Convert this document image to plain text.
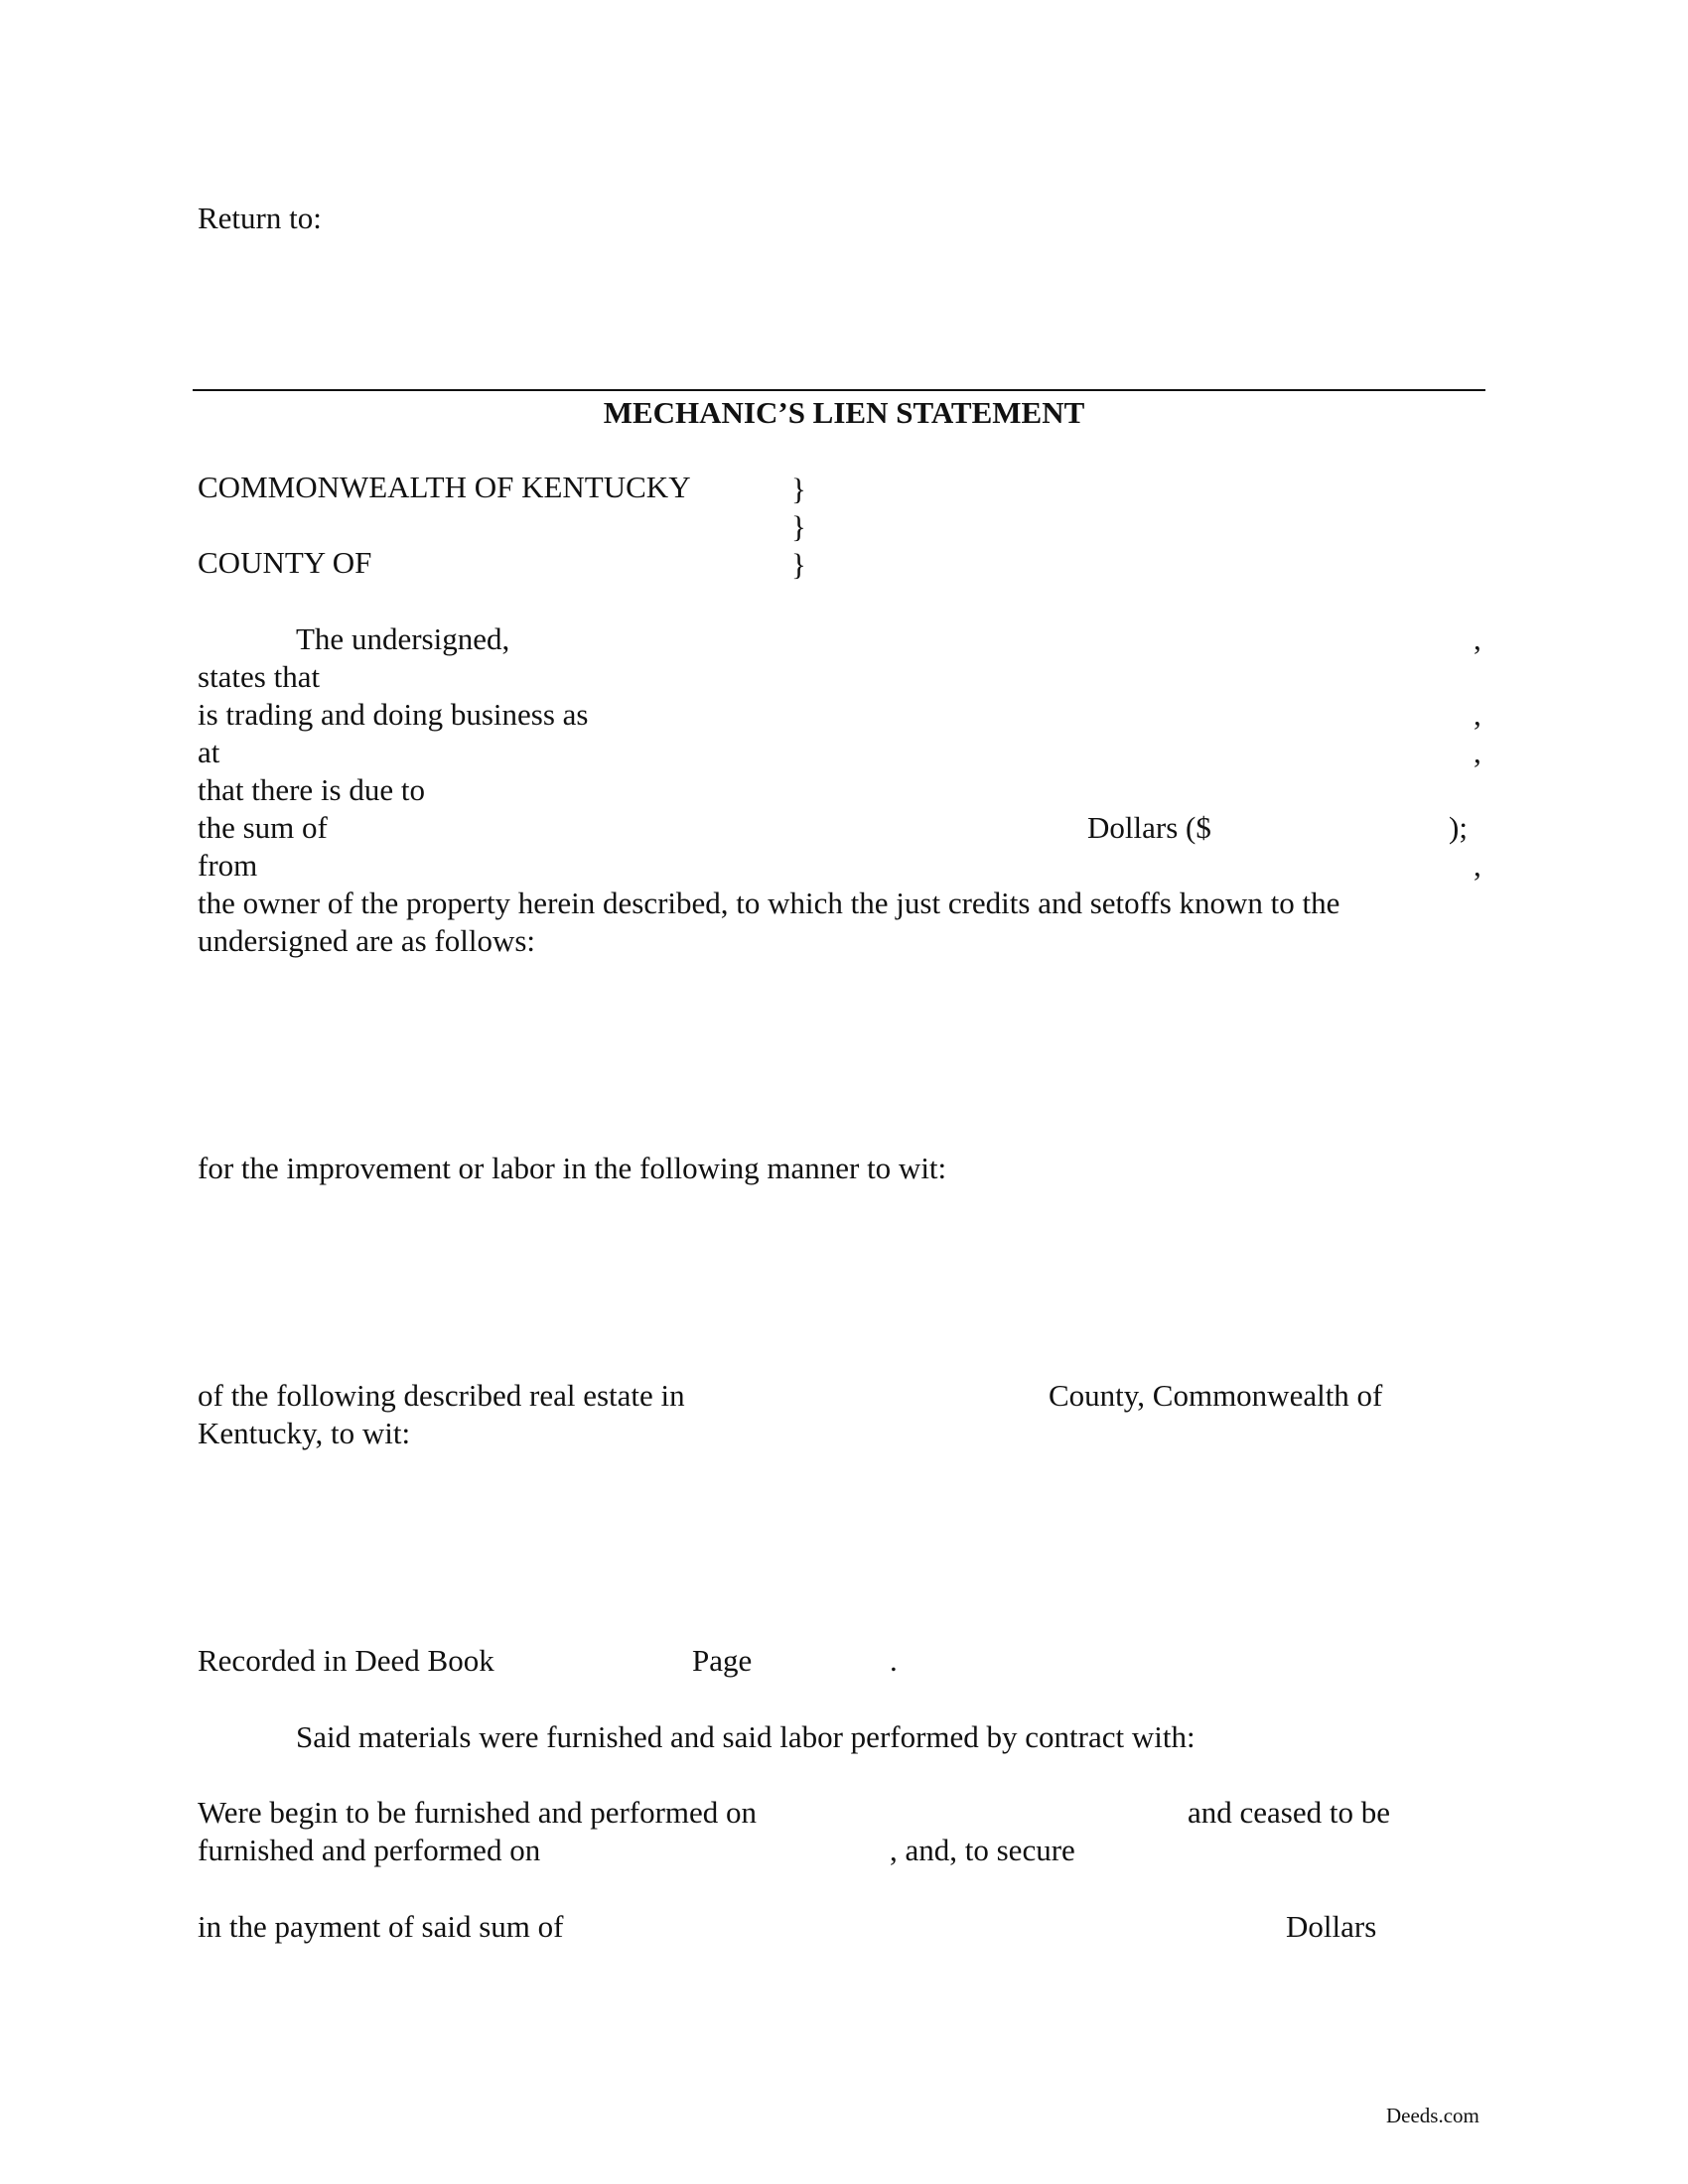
Return to:
MECHANIC’S LIEN STATEMENT
COMMONWEALTH OF KENTUCKY	}
}
COUNTY OF	}
The undersigned,	,
states that
is trading and doing business as	,
at	,
that there is due to
the sum of	Dollars ($	);
from	,
the owner of the property herein described, to which the just credits and setoffs known to the
undersigned are as follows:
for the improvement or labor in the following manner to wit:
of the following described real estate in	County, Commonwealth of
Kentucky, to wit:
Recorded in Deed Book	Page	.
Said materials were furnished and said labor performed by contract with:
Were begin to be furnished and performed on	and ceased to be
furnished and performed on	, and, to secure
in the payment of said sum of	Dollars
Deeds.com
